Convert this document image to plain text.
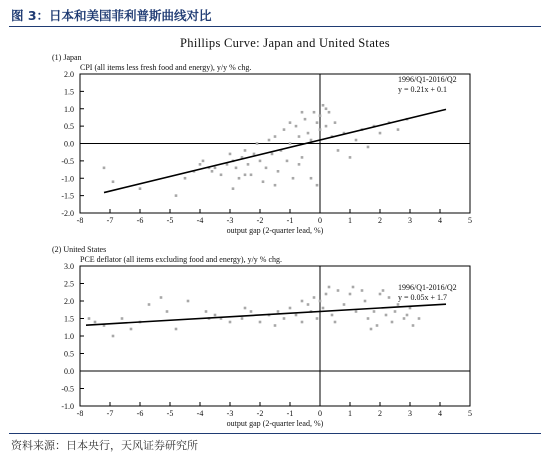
图 3：日本和美国菲利普斯曲线对比
Phillips Curve: Japan and United States
(1) Japan
CPI (all items less fresh food and energy), y/y % chg.
-2.0
-1.5
-1.0
-0.5
0.0
0.5
1.0
1.5
2.0
-8	-7	-6	-5	-4	-3	-2	-1	0	1	2	3	4	5
output gap (2-quarter lead, %)
1996/Q1-2016/Q2
y = 0.21x + 0.1
(2) United States
PCE deflator (all items excluding food and energy), y/y % chg.
-1.0
-0.5
0.0
0.5
1.0
1.5
2.0
2.5
3.0
-8	-7	-6	-5	-4	-3	-2	-1	0	1	2	3	4	5
output gap (2-quarter lead, %)
1996/Q1-2016/Q2
y = 0.05x + 1.7
资料来源：日本央行，天风证券研究所
